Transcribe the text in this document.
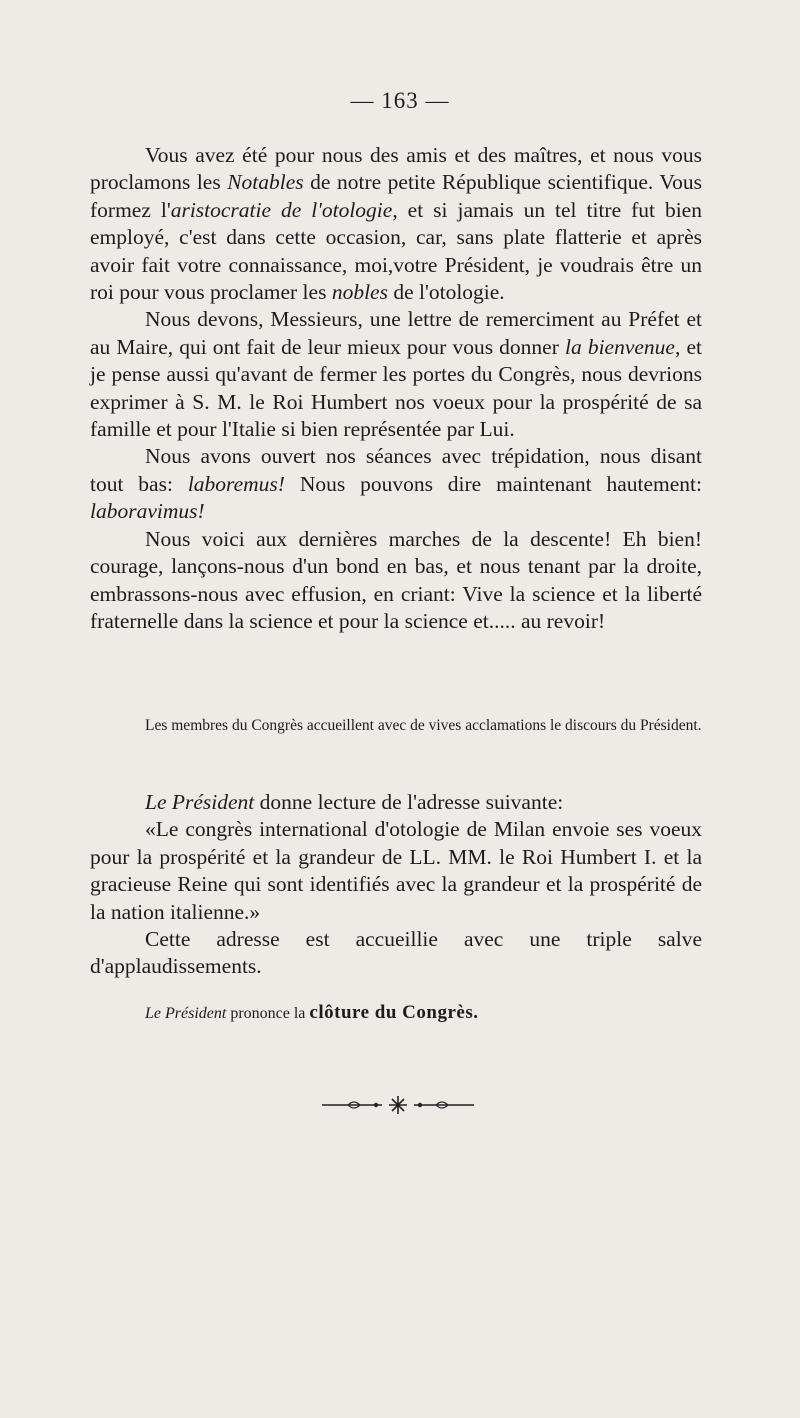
— 163 —

Vous avez été pour nous des amis et des maîtres, et nous vous proclamons les Notables de notre petite République scientifique. Vous formez l'aristocratie de l'otologie, et si jamais un tel titre fut bien employé, c'est dans cette occasion, car, sans plate flatterie et après avoir fait votre connaissance, moi,votre Président, je voudrais être un roi pour vous proclamer les nobles de l'otologie.

Nous devons, Messieurs, une lettre de remerciment au Préfet et au Maire, qui ont fait de leur mieux pour vous donner la bienvenue, et je pense aussi qu'avant de fermer les portes du Congrès, nous devrions exprimer à S. M. le Roi Humbert nos voeux pour la prospérité de sa famille et pour l'Italie si bien représentée par Lui.

Nous avons ouvert nos séances avec trépidation, nous disant tout bas: laboremus! Nous pouvons dire maintenant hautement: laboravimus!

Nous voici aux dernières marches de la descente! Eh bien! courage, lançons-nous d'un bond en bas, et nous tenant par la droite, embrassons-nous avec effusion, en criant: Vive la science et la liberté fraternelle dans la science et pour la science et..... au revoir!

Les membres du Congrès accueillent avec de vives acclamations le discours du Président.

Le Président donne lecture de l'adresse suivante:

«Le congrès international d'otologie de Milan envoie ses voeux pour la prospérité et la grandeur de LL. MM. le Roi Humbert I. et la gracieuse Reine qui sont identifiés avec la grandeur et la prospérité de la nation italienne.»

Cette adresse est accueillie avec une triple salve d'applaudissements.

Le Président prononce la clôture du Congrès.
